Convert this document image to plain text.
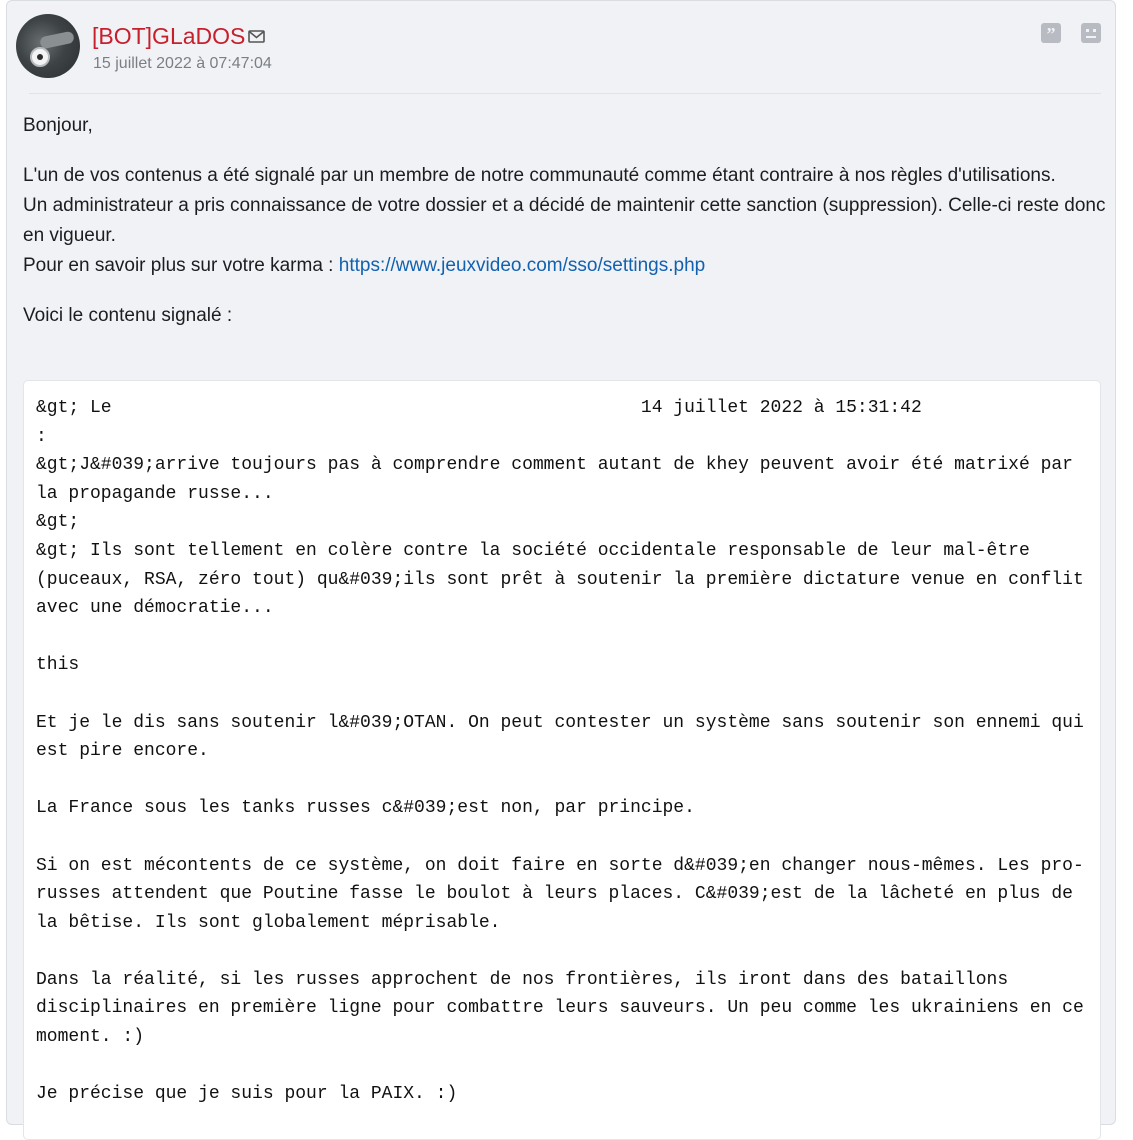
[BOT]GLaDOS
15 juillet 2022 à 07:47:04
”

Bonjour,

L'un de vos contenus a été signalé par un membre de notre communauté comme étant contraire à nos règles d'utilisations.
Un administrateur a pris connaissance de votre dossier et a décidé de maintenir cette sanction (suppression). Celle-ci reste donc en vigueur.
Pour en savoir plus sur votre karma : https://www.jeuxvideo.com/sso/settings.php

Voici le contenu signalé :

&gt; Le                                                 14 juillet 2022 à 15:31:42
:
&gt;J&#039;arrive toujours pas à comprendre comment autant de khey peuvent avoir été matrixé par la propagande russe...
&gt;
&gt; Ils sont tellement en colère contre la société occidentale responsable de leur mal-être (puceaux, RSA, zéro tout) qu&#039;ils sont prêt à soutenir la première dictature venue en conflit avec une démocratie...

this

Et je le dis sans soutenir l&#039;OTAN. On peut contester un système sans soutenir son ennemi qui est pire encore.

La France sous les tanks russes c&#039;est non, par principe.

Si on est mécontents de ce système, on doit faire en sorte d&#039;en changer nous-mêmes. Les pro-russes attendent que Poutine fasse le boulot à leurs places. C&#039;est de la lâcheté en plus de la bêtise. Ils sont globalement méprisable.

Dans la réalité, si les russes approchent de nos frontières, ils iront dans des bataillons disciplinaires en première ligne pour combattre leurs sauveurs. Un peu comme les ukrainiens en ce moment. :)

Je précise que je suis pour la PAIX. :)
